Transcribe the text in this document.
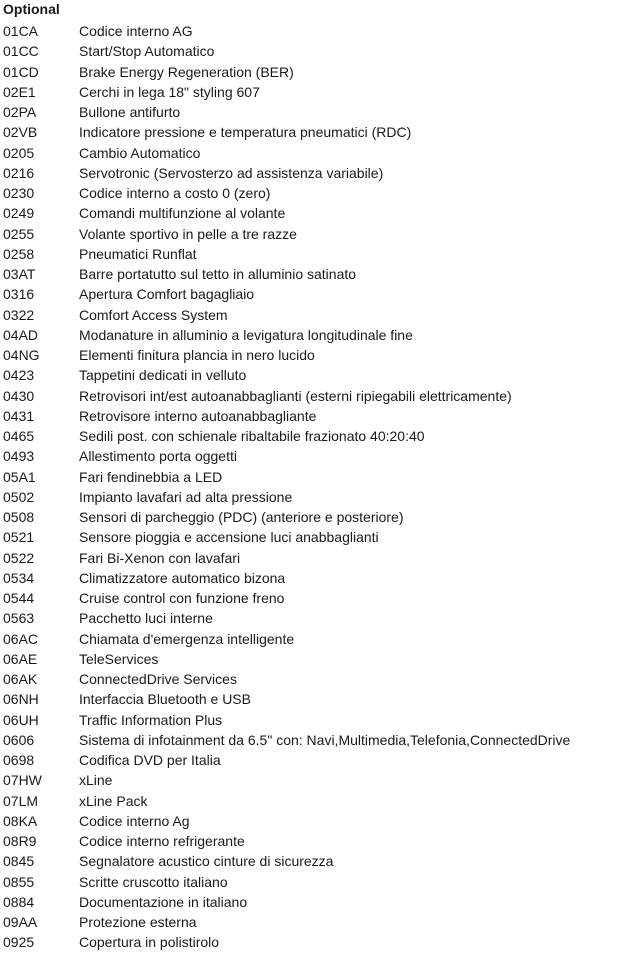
Optional
01CA	Codice interno AG
01CC	Start/Stop Automatico
01CD	Brake Energy Regeneration (BER)
02E1	Cerchi in lega 18" styling 607
02PA	Bullone antifurto
02VB	Indicatore pressione e temperatura pneumatici (RDC)
0205	Cambio Automatico
0216	Servotronic (Servosterzo ad assistenza variabile)
0230	Codice interno a costo 0 (zero)
0249	Comandi multifunzione al volante
0255	Volante sportivo in pelle a tre razze
0258	Pneumatici Runflat
03AT	Barre portatutto sul tetto in alluminio satinato
0316	Apertura Comfort bagagliaio
0322	Comfort Access System
04AD	Modanature in alluminio a levigatura longitudinale fine
04NG	Elementi finitura plancia in nero lucido
0423	Tappetini dedicati in velluto
0430	Retrovisori int/est autoanabbaglianti (esterni ripiegabili elettricamente)
0431	Retrovisore interno autoanabbagliante
0465	Sedili post. con schienale ribaltabile frazionato 40:20:40
0493	Allestimento porta oggetti
05A1	Fari fendinebbia a LED
0502	Impianto lavafari ad alta pressione
0508	Sensori di parcheggio (PDC) (anteriore e posteriore)
0521	Sensore pioggia e accensione luci anabbaglianti
0522	Fari Bi-Xenon con lavafari
0534	Climatizzatore automatico bizona
0544	Cruise control con funzione freno
0563	Pacchetto luci interne
06AC	Chiamata d'emergenza intelligente
06AE	TeleServices
06AK	ConnectedDrive Services
06NH	Interfaccia Bluetooth e USB
06UH	Traffic Information Plus
0606	Sistema di infotainment da 6.5" con: Navi,Multimedia,Telefonia,ConnectedDrive
0698	Codifica DVD per Italia
07HW	xLine
07LM	xLine Pack
08KA	Codice interno Ag
08R9	Codice interno refrigerante
0845	Segnalatore acustico cinture di sicurezza
0855	Scritte cruscotto italiano
0884	Documentazione in italiano
09AA	Protezione esterna
0925	Copertura in polistirolo
